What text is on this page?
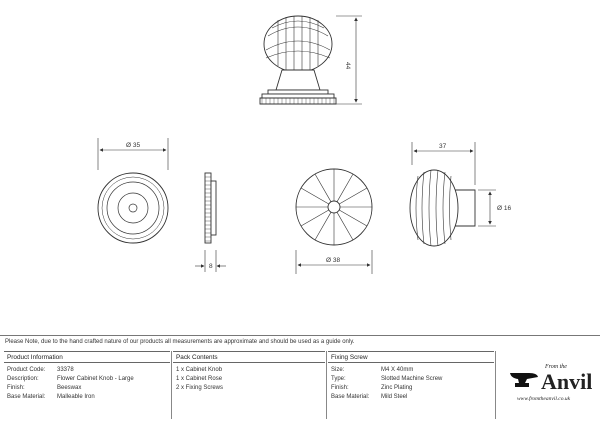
44
Ø 35
8
Ø 38
37
Ø 16
Please Note, due to the hand crafted nature of our products all measurements are approximate and should be used as a guide only.
Product Information	Pack Contents	Fixing Screw
Product Code: 33378
Description:	Flower Cabinet Knob - Large
Finish:	Beeswax
Base Material: Malleable Iron
1 x Cabinet Knob
1 x Cabinet Rose
2 x Fixing Screws
Size:	M4 X 40mm
Type:	Slotted Machine Screw
Finish:	Zinc Plating
Base Material: Mild Steel
From the
Anvil
www.fromtheanvil.co.uk
